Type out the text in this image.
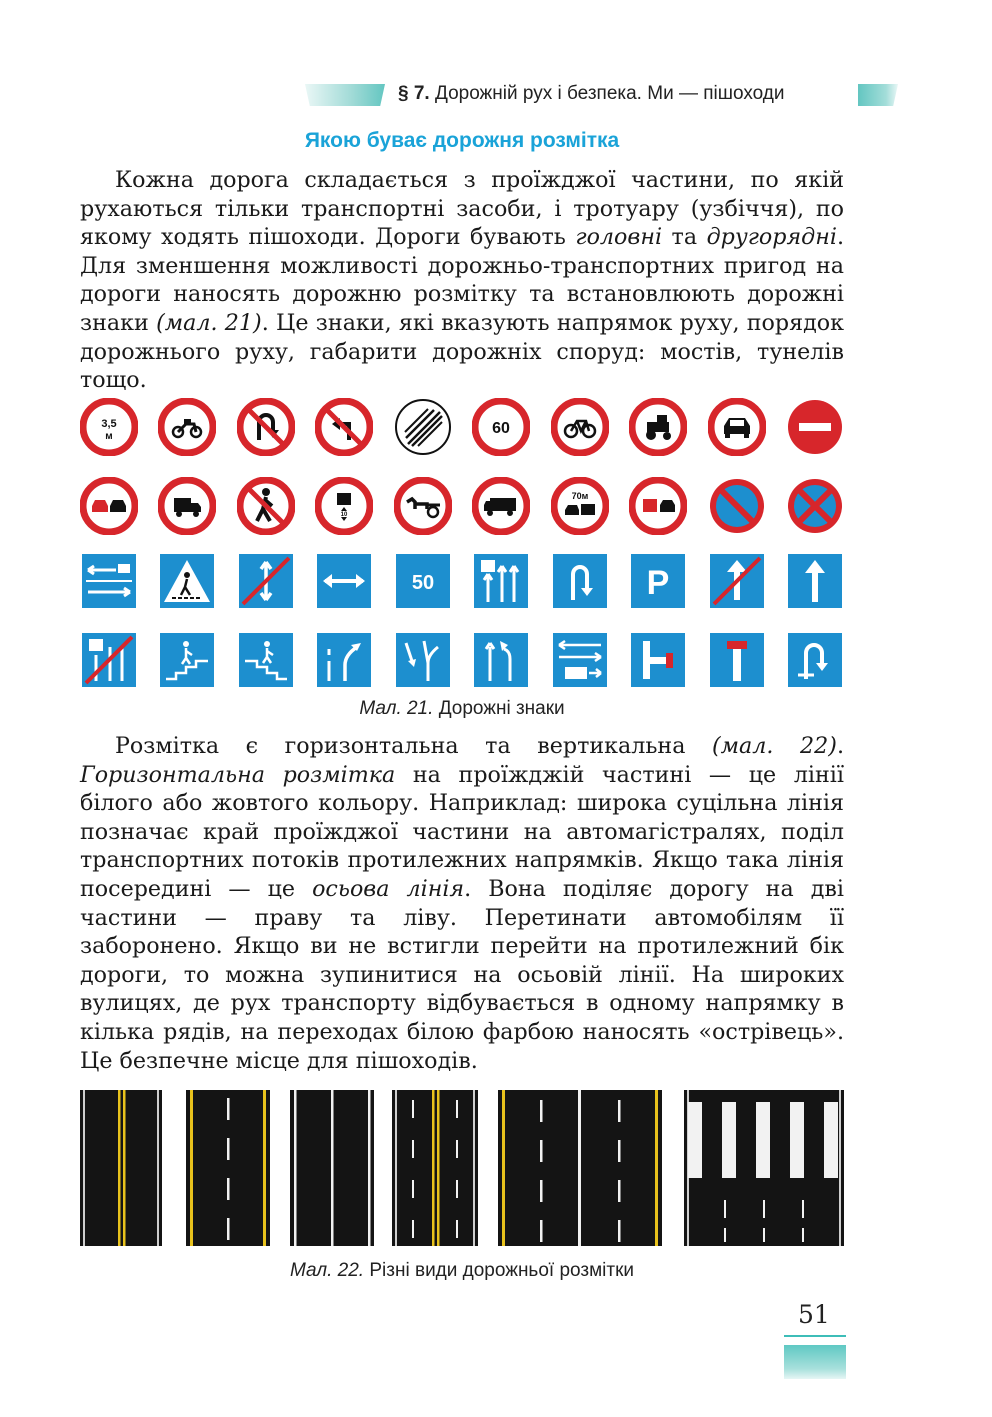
§ 7. Дорожній рух і безпека. Ми — пішоходи
Якою буває дорожня розмітка

Кожна дорога складається з проїжджої частини, по якій рухаються тільки транспортні засоби, і тротуару (узбіччя), по якому ходять пішоходи. Дороги бувають головні та другорядні. Для зменшення можливості дорожньо-транспортних пригод на дороги наносять дорожню розмітку та встановлюють дорожні знаки (мал. 21). Це знаки, які вказують напрямок руху, порядок дорожнього руху, габарити дорожніх споруд: мостів, тунелів тощо.

3,5
м	60
10
70м
50	P
Мал. 21. Дорожні знаки

Розмітка є горизонтальна та вертикальна (мал. 22). Горизонтальна розмітка на проїжджій частині — це лінії білого або жовтого кольору. Наприклад: широка суцільна лінія позначає край проїжджої частини на автомагістралях, поділ транспортних потоків протилежних напрямків. Якщо така лінія посередині — це осьова лінія. Вона поділяє дорогу на дві частини — праву та ліву. Перетинати автомобілям її заборонено. Якщо ви не встигли перейти на протилежний бік дороги, то можна зупинитися на осьовій лінії. На широких вулицях, де рух транспорту відбувається в одному напрямку в кілька рядів, на переходах білою фарбою наносять «острівець». Це безпечне місце для пішоходів.

Мал. 22. Різні види дорожньої розмітки
51
